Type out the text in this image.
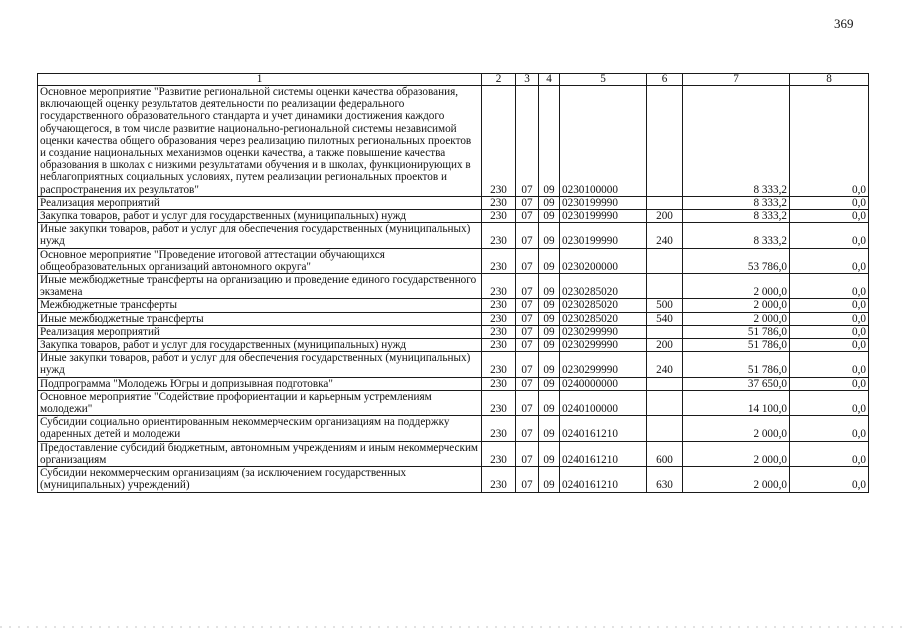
369
1	2	3	4	5	6	7	8
Основное мероприятие "Развитие региональной системы оценки качества образования, включающей оценку результатов деятельности по реализации федерального государственного образовательного стандарта и учет динамики достижения каждого обучающегося, в том числе развитие национально-региональной системы независимой оценки качества общего образования через реализацию пилотных региональных проектов и создание национальных механизмов оценки качества, а также повышение качества образования в школах с низкими результатами обучения и в школах, функционирующих в неблагоприятных социальных условиях, путем реализации региональных проектов и распространения их результатов"	230	07	09	0230100000		8 333,2	0,0
Реализация мероприятий	230	07	09	0230199990		8 333,2	0,0
Закупка товаров, работ и услуг для государственных (муниципальных) нужд	230	07	09	0230199990	200	8 333,2	0,0
Иные закупки товаров, работ и услуг для обеспечения государственных (муниципальных) нужд	230	07	09	0230199990	240	8 333,2	0,0
Основное мероприятие "Проведение итоговой аттестации обучающихся общеобразовательных организаций автономного округа"	230	07	09	0230200000		53 786,0	0,0
Иные межбюджетные трансферты на организацию и проведение единого государственного экзамена	230	07	09	0230285020		2 000,0	0,0
Межбюджетные трансферты	230	07	09	0230285020	500	2 000,0	0,0
Иные межбюджетные трансферты	230	07	09	0230285020	540	2 000,0	0,0
Реализация мероприятий	230	07	09	0230299990		51 786,0	0,0
Закупка товаров, работ и услуг для государственных (муниципальных) нужд	230	07	09	0230299990	200	51 786,0	0,0
Иные закупки товаров, работ и услуг для обеспечения государственных (муниципальных) нужд	230	07	09	0230299990	240	51 786,0	0,0
Подпрограмма "Молодежь Югры и допризывная подготовка"	230	07	09	0240000000		37 650,0	0,0
Основное мероприятие "Содействие профориентации и карьерным устремлениям молодежи"	230	07	09	0240100000		14 100,0	0,0
Субсидии социально ориентированным некоммерческим организациям на поддержку одаренных детей и молодежи	230	07	09	0240161210		2 000,0	0,0
Предоставление субсидий бюджетным, автономным учреждениям и иным некоммерческим организациям	230	07	09	0240161210	600	2 000,0	0,0
Субсидии некоммерческим организациям (за исключением государственных (муниципальных) учреждений)	230	07	09	0240161210	630	2 000,0	0,0
